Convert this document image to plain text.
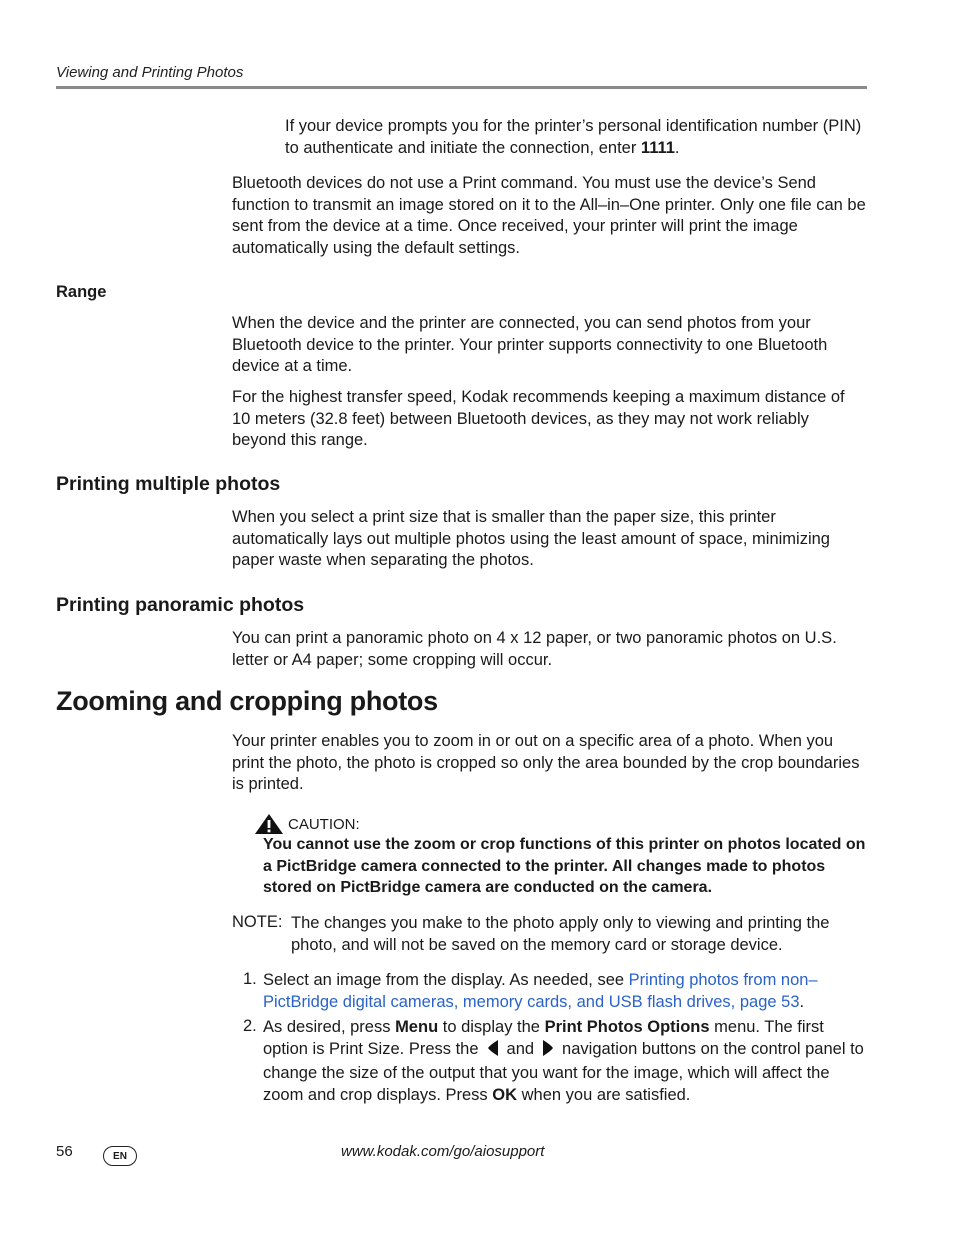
Viewing and Printing Photos

If your device prompts you for the printer’s personal identification number (PIN) to authenticate and initiate the connection, enter 1111.

Bluetooth devices do not use a Print command. You must use the device’s Send function to transmit an image stored on it to the All–in–One printer. Only one file can be sent from the device at a time. Once received, your printer will print the image automatically using the default settings.

Range

When the device and the printer are connected, you can send photos from your Bluetooth device to the printer. Your printer supports connectivity to one Bluetooth device at a time.

For the highest transfer speed, Kodak recommends keeping a maximum distance of 10 meters (32.8 feet) between Bluetooth devices, as they may not work reliably beyond this range.

Printing multiple photos

When you select a print size that is smaller than the paper size, this printer automatically lays out multiple photos using the least amount of space, minimizing paper waste when separating the photos.

Printing panoramic photos

You can print a panoramic photo on 4 x 12 paper, or two panoramic photos on U.S. letter or A4 paper; some cropping will occur.

Zooming and cropping photos

Your printer enables you to zoom in or out on a specific area of a photo. When you print the photo, the photo is cropped so only the area bounded by the crop boundaries is printed.

CAUTION:
You cannot use the zoom or crop functions of this printer on photos located on a PictBridge camera connected to the printer. All changes made to photos stored on PictBridge camera are conducted on the camera.
NOTE: The changes you make to the photo apply only to viewing and printing the photo, and will not be saved on the memory card or storage device.
1. Select an image from the display. As needed, see Printing photos from non–PictBridge digital cameras, memory cards, and USB flash drives, page 53.
2. As desired, press Menu to display the Print Photos Options menu. The first option is Print Size. Press the and navigation buttons on the control panel to change the size of the output that you want for the image, which will affect the zoom and crop displays. Press OK when you are satisfied.
56	EN	www.kodak.com/go/aiosupport
